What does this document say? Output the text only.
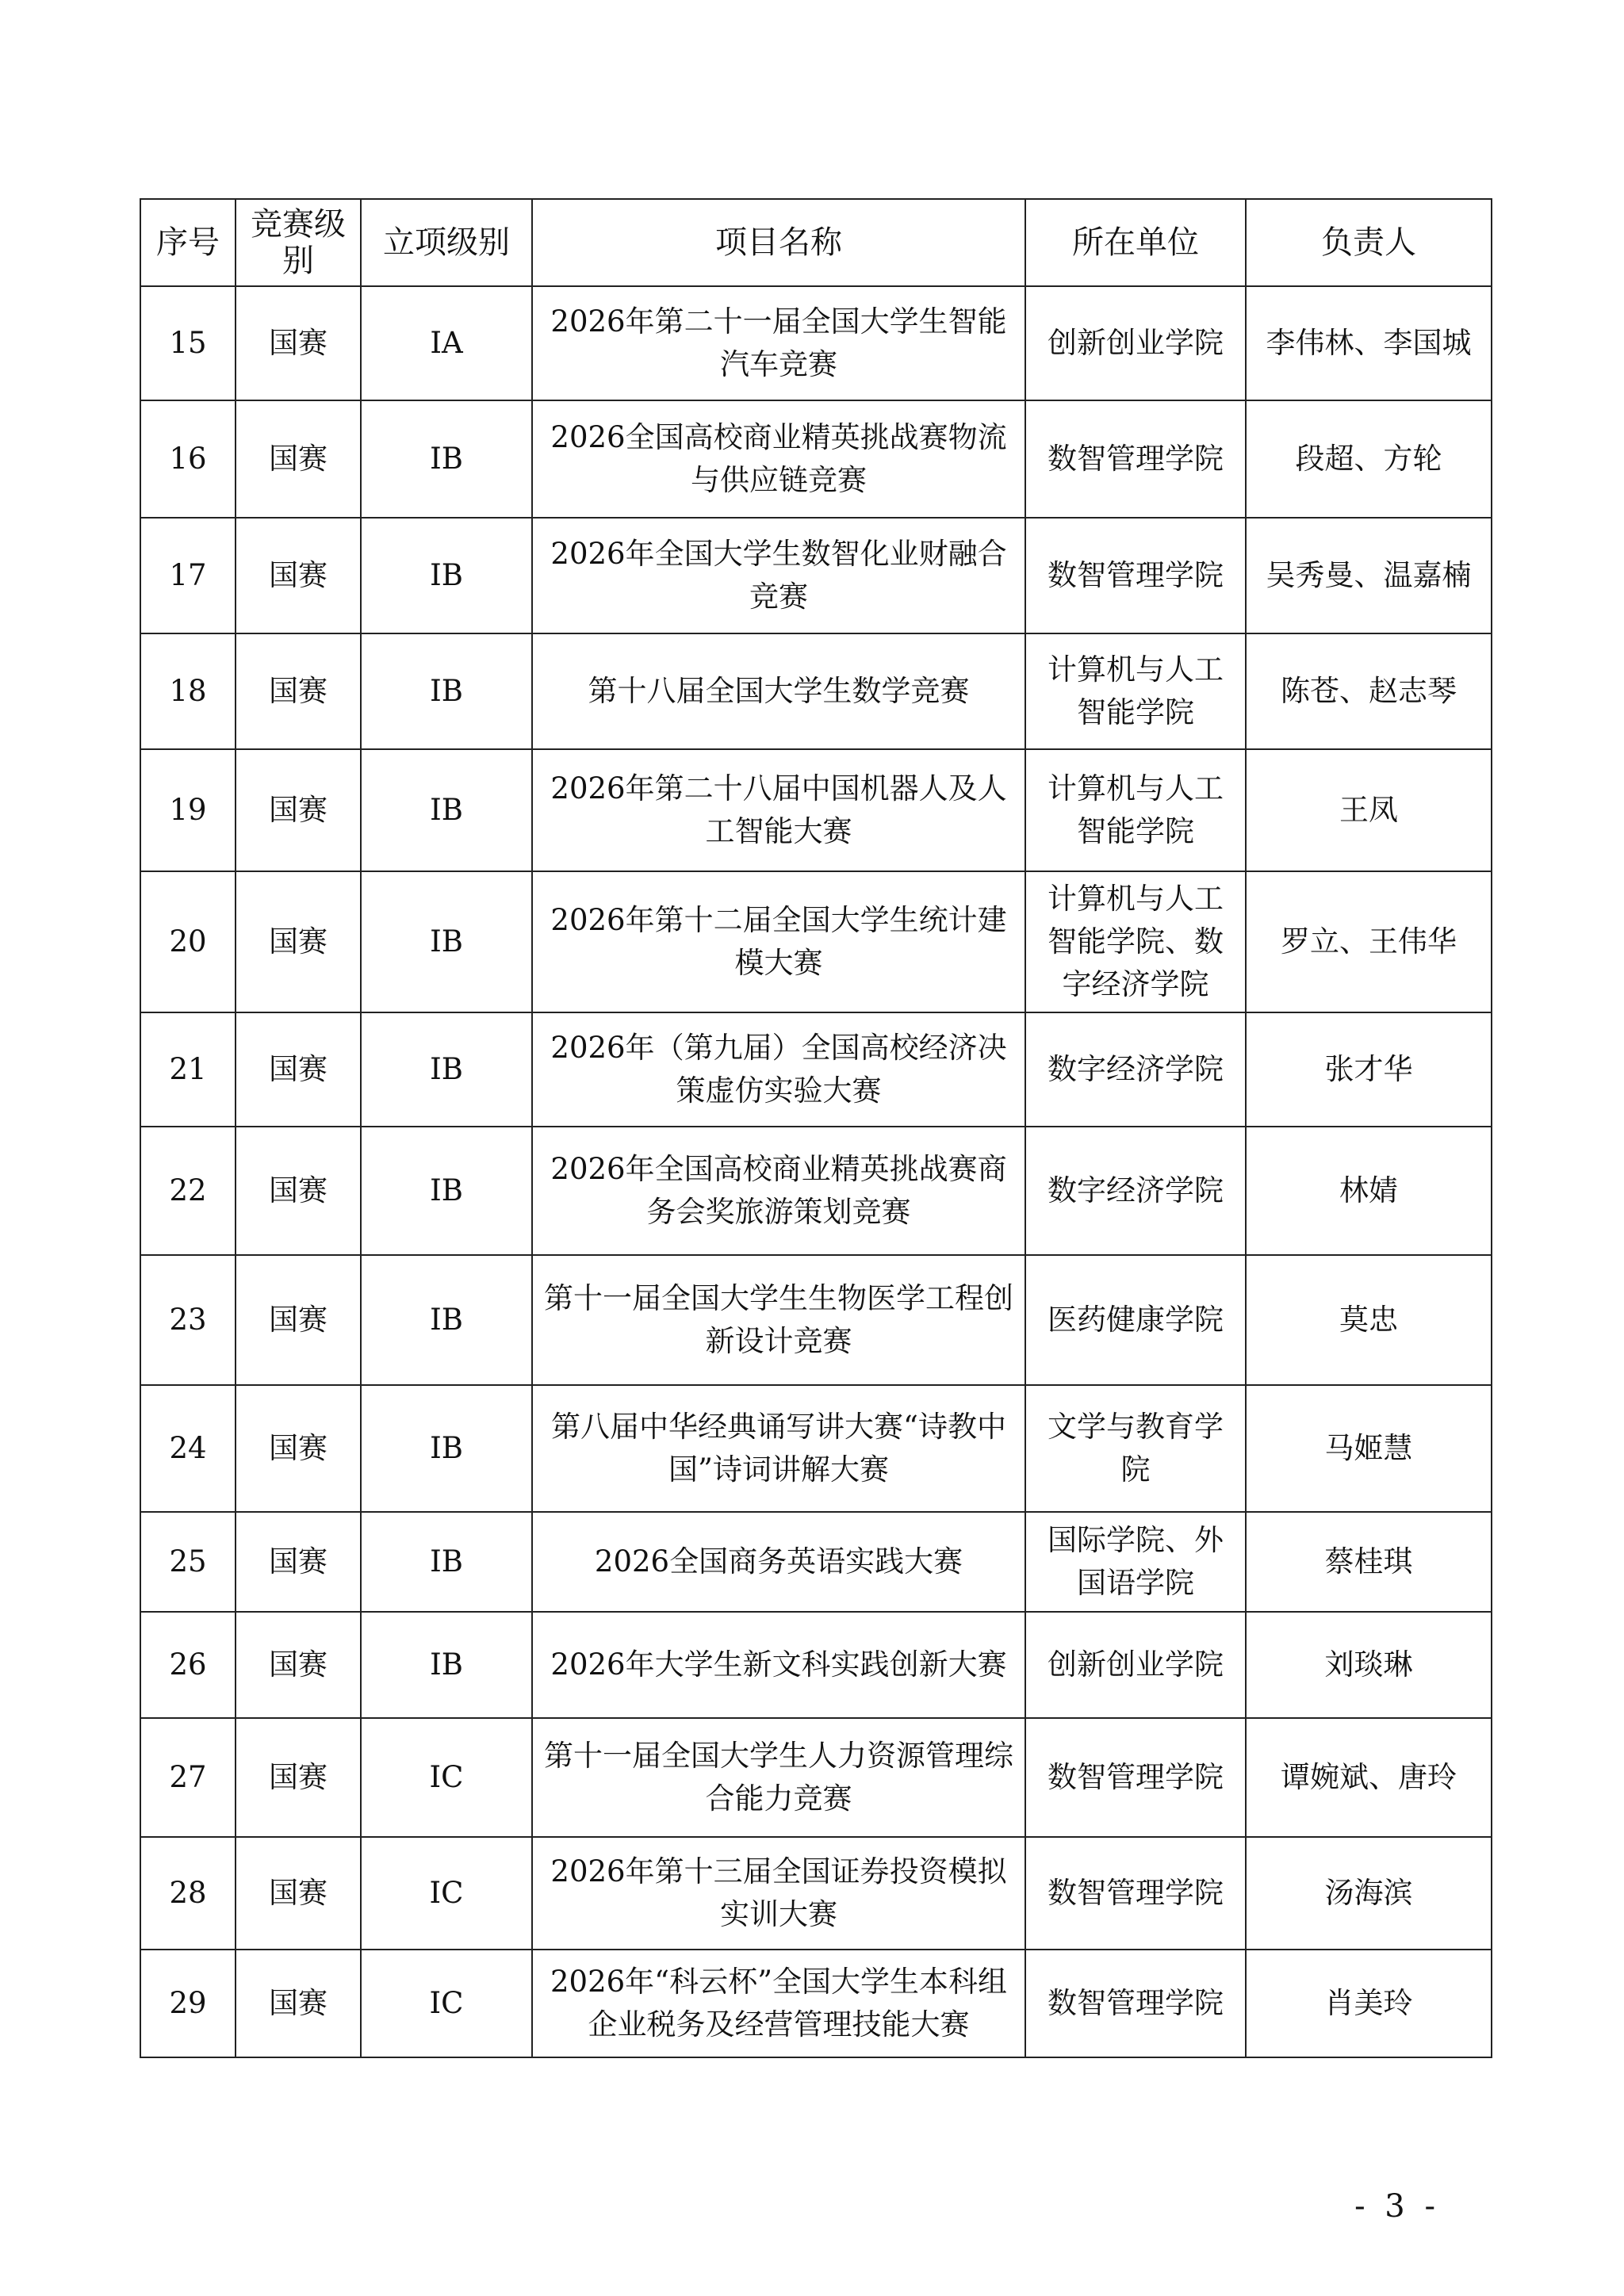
序号	竞赛级别	立项级别	项目名称	所在单位	负责人
15	国赛	ⅠA	2026年第二十一届全国大学生智能汽车竞赛	创新创业学院	李伟林、李国城
16	国赛	ⅠB	2026全国高校商业精英挑战赛物流与供应链竞赛	数智管理学院	段超、方轮
17	国赛	ⅠB	2026年全国大学生数智化业财融合竞赛	数智管理学院	吴秀曼、温嘉楠
18	国赛	ⅠB	第十八届全国大学生数学竞赛	计算机与人工智能学院	陈苍、赵志琴
19	国赛	ⅠB	2026年第二十八届中国机器人及人工智能大赛	计算机与人工智能学院	王凤
20	国赛	ⅠB	2026年第十二届全国大学生统计建模大赛	计算机与人工智能学院、数字经济学院	罗立、王伟华
21	国赛	ⅠB	2026年（第九届）全国高校经济决策虚仿实验大赛	数字经济学院	张才华
22	国赛	ⅠB	2026年全国高校商业精英挑战赛商务会奖旅游策划竞赛	数字经济学院	林婧
23	国赛	ⅠB	第十一届全国大学生生物医学工程创新设计竞赛	医药健康学院	莫忠
24	国赛	ⅠB	第八届中华经典诵写讲大赛“诗教中国”诗词讲解大赛	文学与教育学院	马姬慧
25	国赛	ⅠB	2026全国商务英语实践大赛	国际学院、外国语学院	蔡桂琪
26	国赛	ⅠB	2026年大学生新文科实践创新大赛	创新创业学院	刘琰琳
27	国赛	ⅠC	第十一届全国大学生人力资源管理综合能力竞赛	数智管理学院	谭婉斌、唐玲
28	国赛	ⅠC	2026年第十三届全国证券投资模拟实训大赛	数智管理学院	汤海滨
29	国赛	ⅠC	2026年“科云杯”全国大学生本科组企业税务及经营管理技能大赛	数智管理学院	肖美玲
- 3 -
